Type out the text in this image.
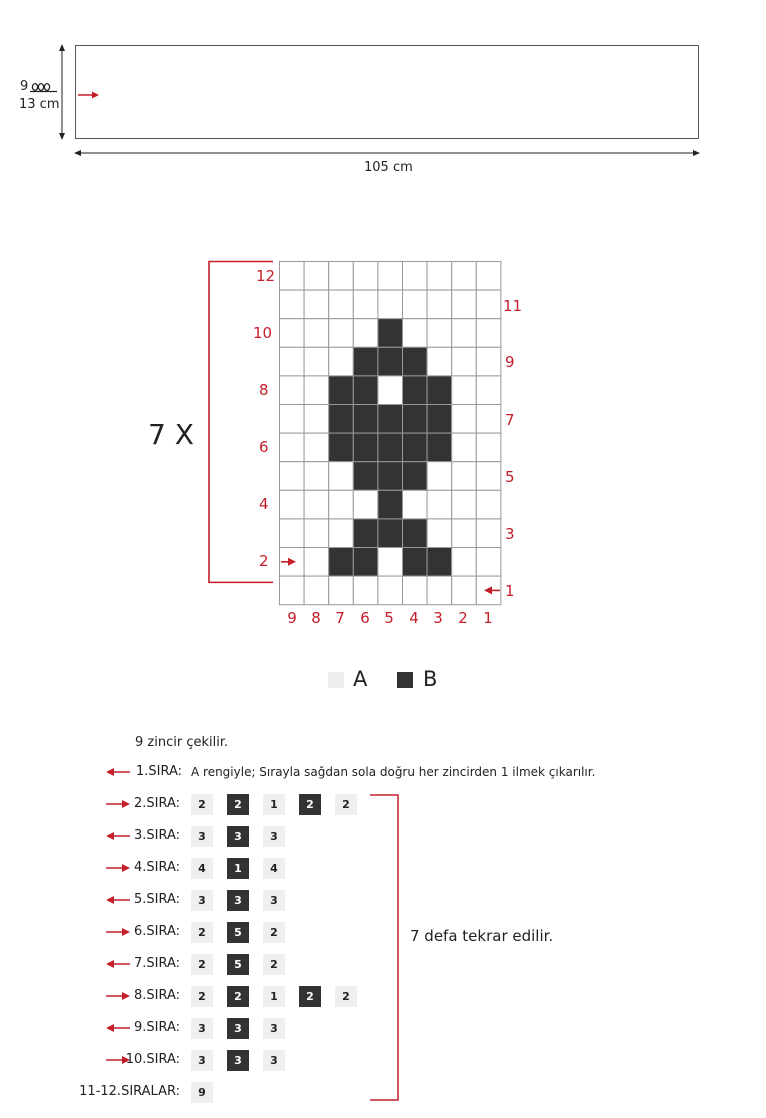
9
13 cm
105 cm
7 X
12
10
8
6
4
2
11
9
7
5
3
1
9 8 7	6 5	4 3	2	1
A	B
9 zincir çekilir.
1.SIRA: A rengiyle; Sırayla sağdan sola doğru her zincirden 1 ilmek çıkarılır.
7 defa tekrar edilir.
2.SIRA:	2	2	1	2	2
3.SIRA:	3	3	3
4.SIRA:	4	1	4
5.SIRA:	3	3	3
6.SIRA:	2	5	2
7.SIRA:	2	5	2
8.SIRA:	2	2	1	2	2
9.SIRA:	3	3	3
10.SIRA:	3	3	3
11-12.SIRALAR:	9
